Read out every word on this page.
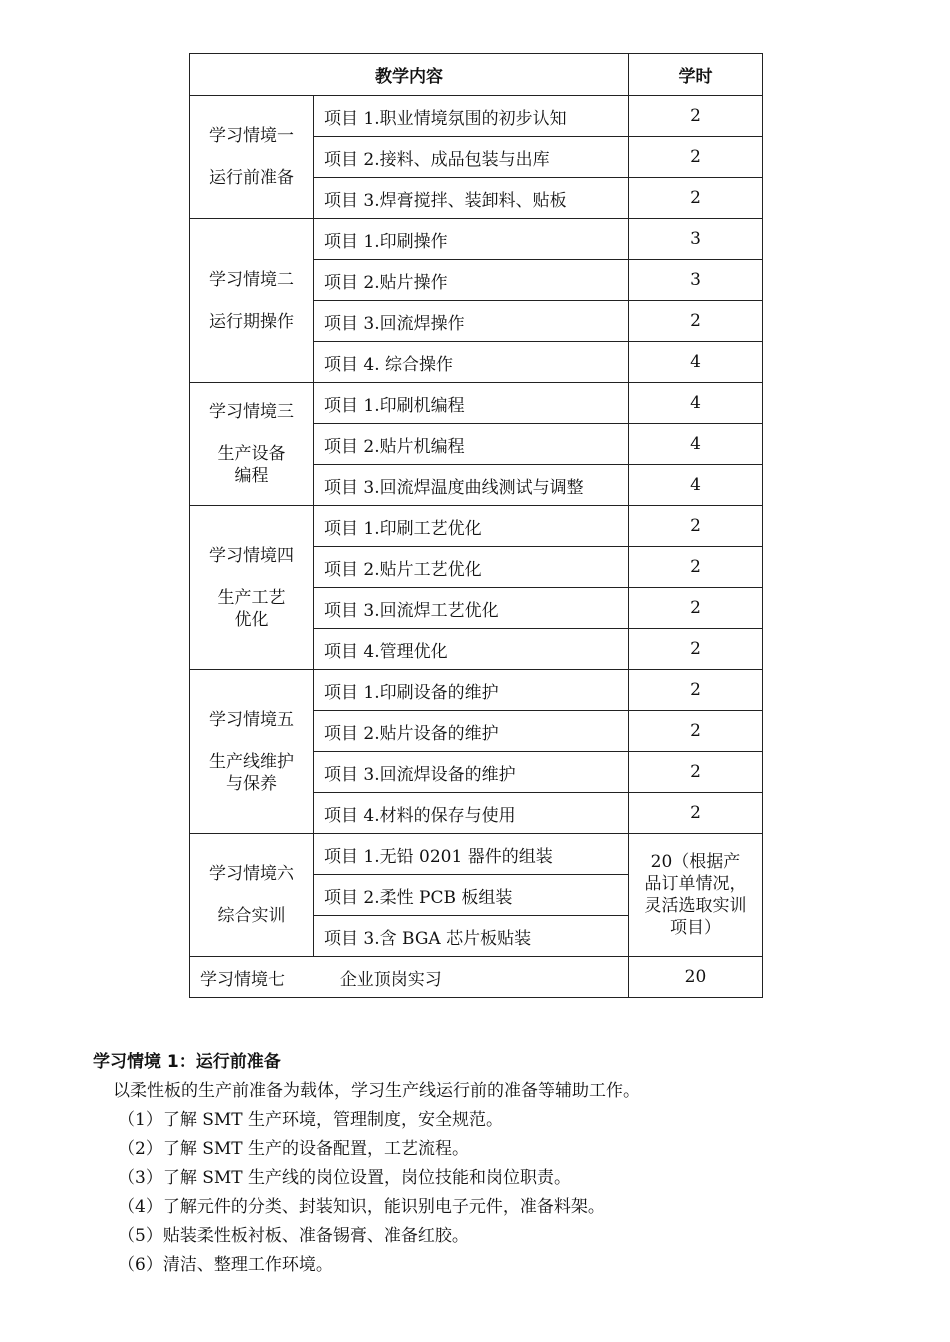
教学内容		学时
学习情境一
运行前准备	项目 1.职业情境氛围的初步认知	2
	项目 2.接料、成品包装与出库	2
	项目 3.焊膏搅拌、装卸料、贴板	2
学习情境二
运行期操作	项目 1.印刷操作	3
	项目 2.贴片操作	3
	项目 3.回流焊操作	2
	项目 4. 综合操作	4
学习情境三
生产设备编程	项目 1.印刷机编程	4
	项目 2.贴片机编程	4
	项目 3.回流焊温度曲线测试与调整	4
学习情境四
生产工艺优化	项目 1.印刷工艺优化	2
	项目 2.贴片工艺优化	2
	项目 3.回流焊工艺优化	2
	项目 4.管理优化	2
学习情境五
生产线维护与保养	项目 1.印刷设备的维护	2
	项目 2.贴片设备的维护	2
	项目 3.回流焊设备的维护	2
	项目 4.材料的保存与使用	2
学习情境六
综合实训	项目 1.无铅 0201 器件的组装	20（根据产品订单情况，灵活选取实训项目）

	项目 2.柔性 PCB 板组装	
	项目 3.含 BGA 芯片板贴装	
学习情境七 企业顶岗实习		20
学习情境 1：运行前准备
以柔性板的生产前准备为载体，学习生产线运行前的准备等辅助工作。
（1）了解 SMT 生产环境，管理制度，安全规范。
（2）了解 SMT 生产的设备配置，工艺流程。
（3）了解 SMT 生产线的岗位设置，岗位技能和岗位职责。
（4）了解元件的分类、封装知识，能识别电子元件，准备料架。
（5）贴装柔性板衬板、准备锡膏、准备红胶。
（6）清洁、整理工作环境。
